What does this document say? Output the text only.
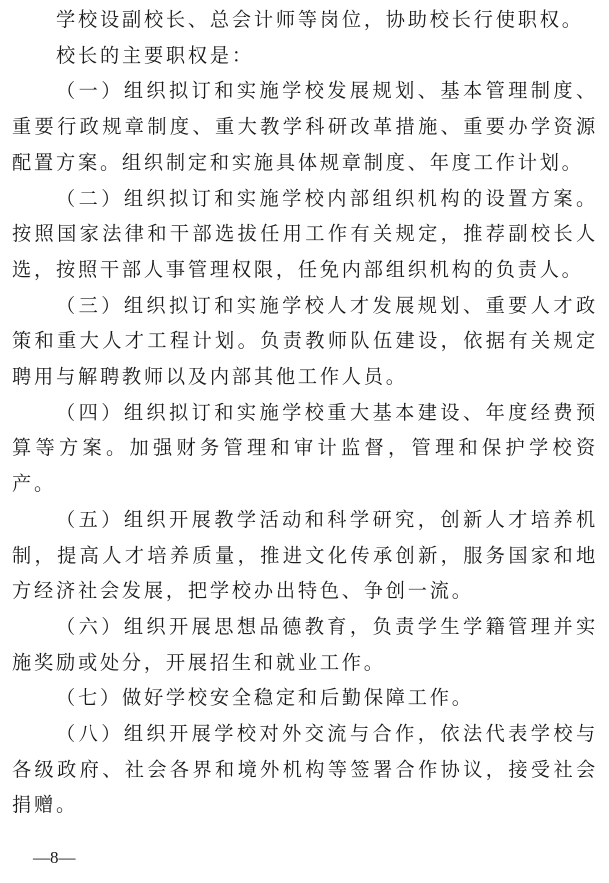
学校设副校长、总会计师等岗位，协助校长行使职权。

校长的主要职权是：

（一）组织拟订和实施学校发展规划、基本管理制度、重要行政规章制度、重大教学科研改革措施、重要办学资源配置方案。组织制定和实施具体规章制度、年度工作计划。

（二）组织拟订和实施学校内部组织机构的设置方案。按照国家法律和干部选拔任用工作有关规定，推荐副校长人选，按照干部人事管理权限，任免内部组织机构的负责人。

（三）组织拟订和实施学校人才发展规划、重要人才政策和重大人才工程计划。负责教师队伍建设，依据有关规定聘用与解聘教师以及内部其他工作人员。

（四）组织拟订和实施学校重大基本建设、年度经费预算等方案。加强财务管理和审计监督，管理和保护学校资产。

（五）组织开展教学活动和科学研究，创新人才培养机制，提高人才培养质量，推进文化传承创新，服务国家和地方经济社会发展，把学校办出特色、争创一流。

（六）组织开展思想品德教育，负责学生学籍管理并实施奖励或处分，开展招生和就业工作。

（七）做好学校安全稳定和后勤保障工作。

（八）组织开展学校对外交流与合作，依法代表学校与各级政府、社会各界和境外机构等签署合作协议，接受社会捐赠。

—8—
